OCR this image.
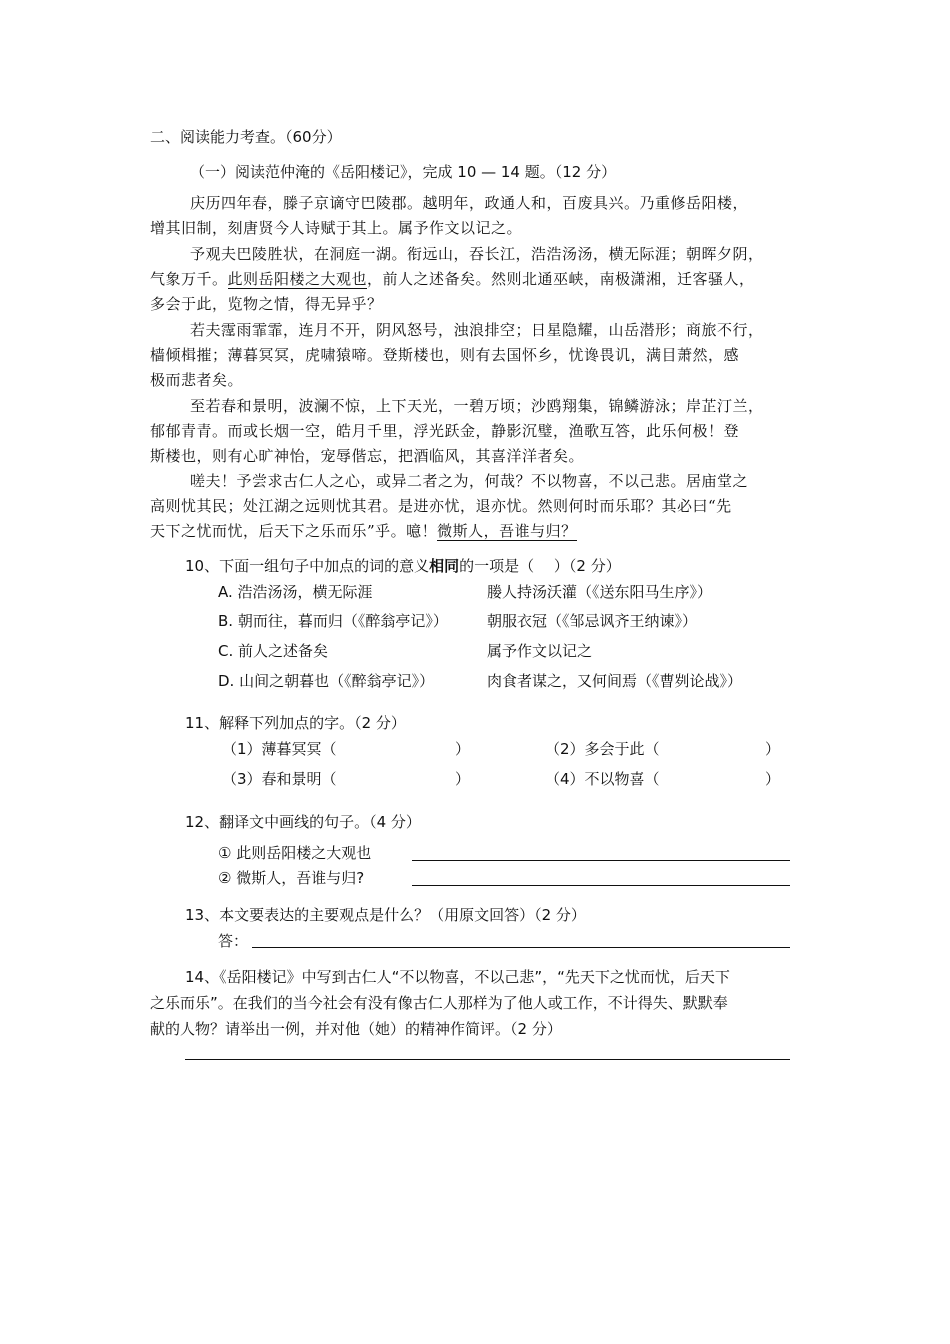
二、阅读能力考查。（60分）
（一）阅读范仲淹的《岳阳楼记》，完成 10 — 14 题。（12 分）
庆历四年春，滕子京谪守巴陵郡。越明年，政通人和，百废具兴。乃重修岳阳楼，
增其旧制，刻唐贤今人诗赋于其上。属予作文以记之。
予观夫巴陵胜状，在洞庭一湖。衔远山，吞长江，浩浩汤汤，横无际涯；朝晖夕阴，
气象万千。此则岳阳楼之大观也，前人之述备矣。然则北通巫峡，南极潇湘，迁客骚人，
多会于此，览物之情，得无异乎？
若夫霪雨霏霏，连月不开，阴风怒号，浊浪排空；日星隐耀，山岳潜形；商旅不行，
樯倾楫摧；薄暮冥冥，虎啸猿啼。登斯楼也，则有去国怀乡，忧谗畏讥，满目萧然，感
极而悲者矣。
至若春和景明，波澜不惊，上下天光，一碧万顷；沙鸥翔集，锦鳞游泳；岸芷汀兰，
郁郁青青。而或长烟一空，皓月千里，浮光跃金，静影沉璧，渔歌互答，此乐何极！登
斯楼也，则有心旷神怡，宠辱偕忘，把酒临风，其喜洋洋者矣。
嗟夫！予尝求古仁人之心，或异二者之为，何哉？不以物喜，不以己悲。居庙堂之
高则忧其民；处江湖之远则忧其君。是进亦忧，退亦忧。然则何时而乐耶？其必曰“先
天下之忧而忧，后天下之乐而乐”乎。噫！微斯人，吾谁与归？
10、下面一组句子中加点的词的意义相同的一项是（　 ）（2 分）
A. 浩浩汤汤，横无际涯	媵人持汤沃灌（《送东阳马生序》）
B. 朝而往，暮而归（《醉翁亭记》）	朝服衣冠（《邹忌讽齐王纳谏》）
C. 前人之述备矣	属予作文以记之
D. 山间之朝暮也（《醉翁亭记》）	肉食者谋之，又何间焉（《曹刿论战》）
11、解释下列加点的字。（2 分）
（1）薄暮冥冥（	）	（2）多会于此（	）
（3）春和景明（	）	（4）不以物喜（	）
12、翻译文中画线的句子。（4 分）
① 此则岳阳楼之大观也
② 微斯人，吾谁与归?
13、本文要表达的主要观点是什么？（用原文回答）（2 分）
答：
14、《岳阳楼记》中写到古仁人“不以物喜，不以己悲”，“先天下之忧而忧，后天下
之乐而乐”。在我们的当今社会有没有像古仁人那样为了他人或工作，不计得失、默默奉
献的人物？请举出一例，并对他（她）的精神作简评。（2 分）
